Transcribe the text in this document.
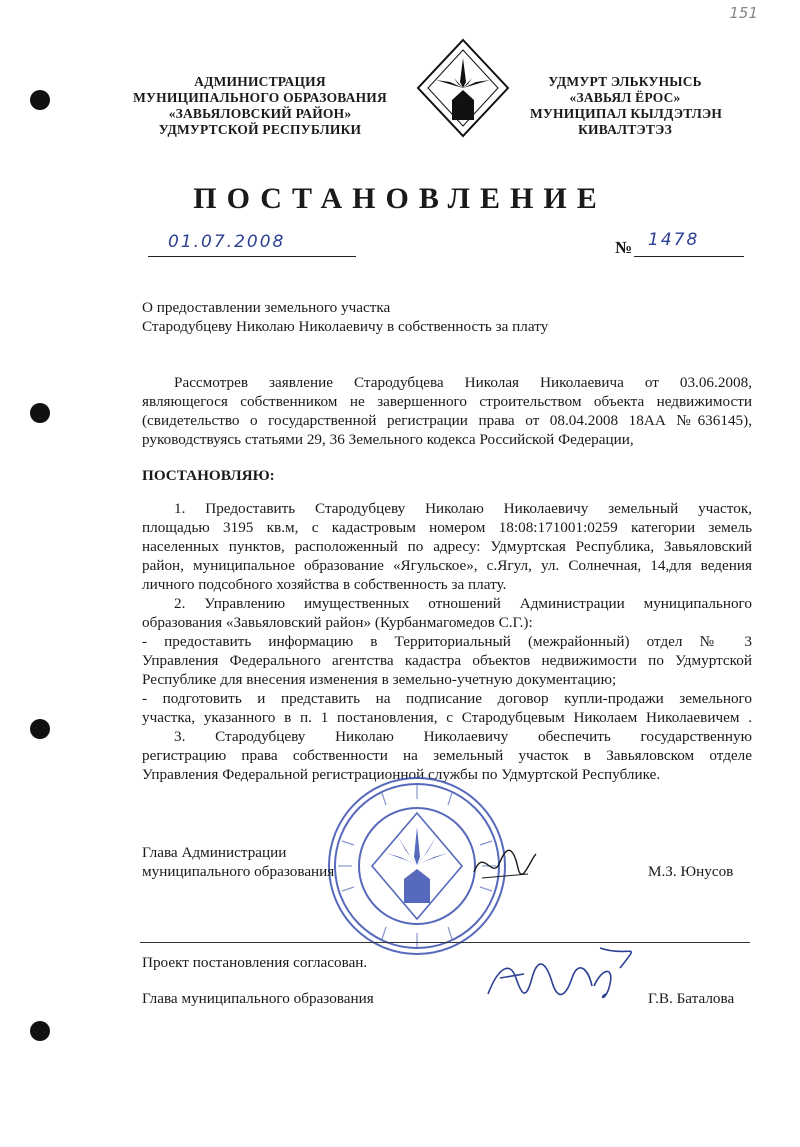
151
АДМИНИСТРАЦИЯ
МУНИЦИПАЛЬНОГО ОБРАЗОВАНИЯ
«ЗАВЬЯЛОВСКИЙ РАЙОН»
УДМУРТСКОЙ РЕСПУБЛИКИ
УДМУРТ ЭЛЬКУНЫСЬ
«ЗАВЬЯЛ ЁРОС»
МУНИЦИПАЛ КЫЛДЭТЛЭН
КИВАЛТЭТЭЗ
ПОСТАНОВЛЕНИЕ
01.07.2008	№ 1478
О предоставлении земельного участка
Стародубцеву Николаю Николаевичу в собственность за плату
Рассмотрев заявление Стародубцева Николая Николаевича от 03.06.2008,
являющегося собственником не завершенного строительством объекта недвижимости
(свидетельство о государственной регистрации права от 08.04.2008 18АА №636145),
руководствуясь статьями 29, 36 Земельного кодекса Российской Федерации,
ПОСТАНОВЛЯЮ:
1. Предоставить Стародубцеву Николаю Николаевичу земельный участок,
площадью 3195 кв.м, с кадастровым номером 18:08:171001:0259 категории земель
населенных пунктов, расположенный по адресу: Удмуртская Республика, Завьяловский
район, муниципальное образование «Ягульское», с.Ягул, ул. Солнечная, 14,для ведения
личного подсобного хозяйства в собственность за плату.
2. Управлению имущественных отношений Администрации муниципального
образования «Завьяловский район» (Курбанмагомедов С.Г.):
- предоставить информацию в Территориальный (межрайонный) отдел № 3
Управления Федерального агентства кадастра объектов недвижимости по Удмуртской
Республике для внесения изменения в земельно-учетную документацию;
- подготовить и представить на подписание договор купли-продажи земельного
участка, указанного в п. 1 постановления, с Стародубцевым Николаем Николаевичем .
3. Стародубцеву Николаю Николаевичу обеспечить государственную
регистрацию права собственности на земельный участок в Завьяловском отделе
Управления Федеральной регистрационной службы по Удмуртской Республике.
Глава Администрации
муниципального образования	М.З. Юнусов
Проект постановления согласован.
Глава муниципального образования	Г.В. Баталова
